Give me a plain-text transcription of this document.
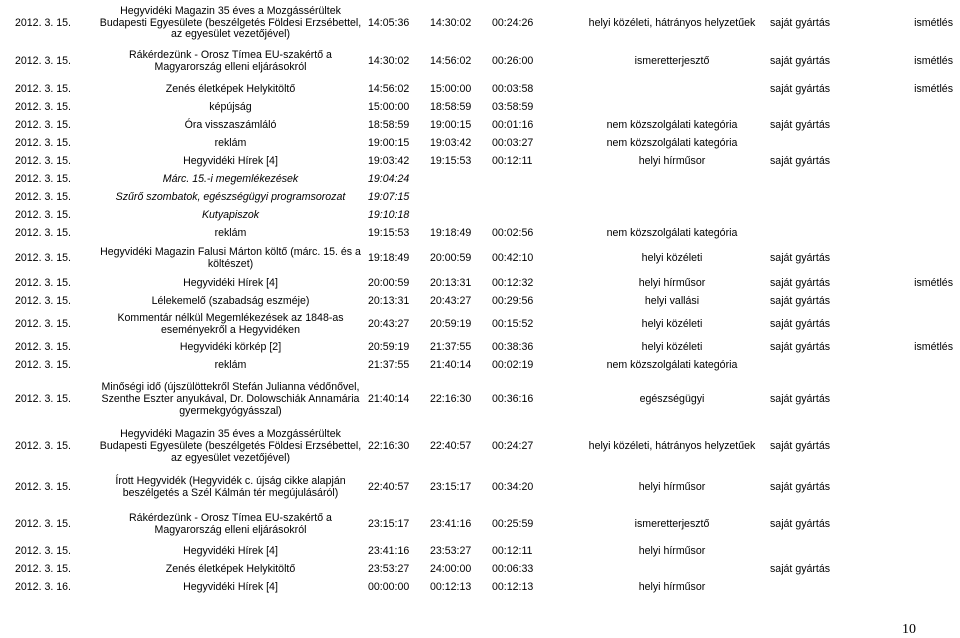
2012. 3. 15.	Hegyvidéki Magazin 35 éves a Mozgássérültek Budapesti Egyesülete (beszélgetés Földesi Erzsébettel, az egyesület vezetőjével)	14:05:36	14:30:02	00:24:26	helyi közéleti, hátrányos helyzetűek	saját gyártás	ismétlés
2012. 3. 15.	Rákérdezünk - Orosz Tímea EU-szakértő a Magyarország elleni eljárásokról	14:30:02	14:56:02	00:26:00	ismeretterjesztő	saját gyártás	ismétlés
2012. 3. 15.	Zenés életképek Helykitöltő	14:56:02	15:00:00	00:03:58		saját gyártás	ismétlés
2012. 3. 15.	képújság	15:00:00	18:58:59	03:58:59			
2012. 3. 15.	Óra visszaszámláló	18:58:59	19:00:15	00:01:16	nem közszolgálati kategória	saját gyártás	
2012. 3. 15.	reklám	19:00:15	19:03:42	00:03:27	nem közszolgálati kategória		
2012. 3. 15.	Hegyvidéki Hírek [4]	19:03:42	19:15:53	00:12:11	helyi hírműsor	saját gyártás	
2012. 3. 15.	Márc. 15.-i megemlékezések	19:04:24					
2012. 3. 15.	Szűrő szombatok, egészségügyi programsorozat	19:07:15					
2012. 3. 15.	Kutyapiszok	19:10:18					
2012. 3. 15.	reklám	19:15:53	19:18:49	00:02:56	nem közszolgálati kategória		
2012. 3. 15.	Hegyvidéki Magazin Falusi Márton költő (márc. 15. és a költészet)	19:18:49	20:00:59	00:42:10	helyi közéleti	saját gyártás	
2012. 3. 15.	Hegyvidéki Hírek [4]	20:00:59	20:13:31	00:12:32	helyi hírműsor	saját gyártás	ismétlés
2012. 3. 15.	Lélekemelő (szabadság eszméje)	20:13:31	20:43:27	00:29:56	helyi vallási	saját gyártás	
2012. 3. 15.	Kommentár nélkül Megemlékezések az 1848-as eseményekről a Hegyvidéken	20:43:27	20:59:19	00:15:52	helyi közéleti	saját gyártás	
2012. 3. 15.	Hegyvidéki körkép [2]	20:59:19	21:37:55	00:38:36	helyi közéleti	saját gyártás	ismétlés
2012. 3. 15.	reklám	21:37:55	21:40:14	00:02:19	nem közszolgálati kategória		
2012. 3. 15.	Minőségi idő (újszülöttekről Stefán Julianna védőnővel, Szenthe Eszter anyukával, Dr. Dolowschiák Annamária gyermekgyógyásszal)	21:40:14	22:16:30	00:36:16	egészségügyi	saját gyártás	
2012. 3. 15.	Hegyvidéki Magazin 35 éves a Mozgássérültek Budapesti Egyesülete (beszélgetés Földesi Erzsébettel, az egyesület vezetőjével)	22:16:30	22:40:57	00:24:27	helyi közéleti, hátrányos helyzetűek	saját gyártás	
2012. 3. 15.	Írott Hegyvidék (Hegyvidék c. újság cikke alapján beszélgetés a Szél Kálmán tér megújulásáról)	22:40:57	23:15:17	00:34:20	helyi hírműsor	saját gyártás	
2012. 3. 15.	Rákérdezünk - Orosz Tímea EU-szakértő a Magyarország elleni eljárásokról	23:15:17	23:41:16	00:25:59	ismeretterjesztő	saját gyártás	
2012. 3. 15.	Hegyvidéki Hírek [4]	23:41:16	23:53:27	00:12:11	helyi hírműsor		
2012. 3. 15.	Zenés életképek Helykitöltő	23:53:27	24:00:00	00:06:33		saját gyártás	
2012. 3. 16.	Hegyvidéki Hírek [4]	00:00:00	00:12:13	00:12:13	helyi hírműsor		
10
